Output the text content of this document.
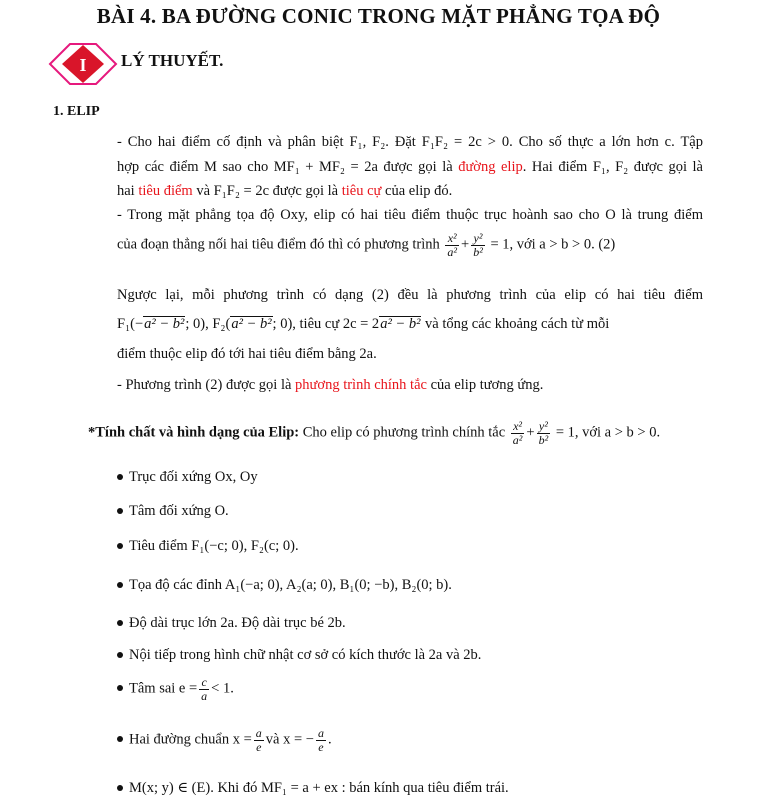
BÀI 4. BA ĐƯỜNG CONIC TRONG MẶT PHẲNG TỌA ĐỘ
I LÝ THUYẾT.
1. ELIP
- Cho hai điểm cố định và phân biệt F₁, F₂. Đặt F₁F₂ = 2c > 0. Cho số thực a lớn hơn c. Tập
hợp các điểm M sao cho MF₁ + MF₂ = 2a được gọi là đường elip. Hai điểm F₁, F₂ được gọi là
hai tiêu điểm và F₁F₂ = 2c được gọi là tiêu cự của elip đó.
- Trong mặt phẳng tọa độ Oxy, elip có hai tiêu điểm thuộc trục hoành sao cho O là trung điểm
của đoạn thẳng nối hai tiêu điểm đó thì có phương trình $\frac{\text{x²}}{\text{a²}} + \frac{\text{y²}}{\text{b²}} = 1$, với a > b > 0. (2)
Ngược lại, mỗi phương trình có dạng (2) đều là phương trình của elip có hai tiêu điểm
F₁(−a² − b²; 0), F₂(a² − b²; 0), tiêu cự 2c = 2a² − b² và tổng các khoảng cách từ mỗi
điểm thuộc elip đó tới hai tiêu điểm bằng 2a.
- Phương trình (2) được gọi là phương trình chính tắc của elip tương ứng.
*Tính chất và hình dạng của Elip: Cho elip có phương trình chính tắc $\frac{\text{x²}}{\text{a²}} + \frac{\text{y²}}{\text{b²}} = 1$, với a > b > 0.
Trục đối xứng Ox, Oy
Tâm đối xứng O.
Tiêu điểm F₁(−c; 0), F₂(c; 0).
Tọa độ các đỉnh A₁(−a; 0), A₂(a; 0), B₁(0; −b), B₂(0; b).
Độ dài trục lớn 2a. Độ dài trục bé 2b.
Nội tiếp trong hình chữ nhật cơ sở có kích thước là 2a và 2b.
Tâm sai $e = \frac{c}{a} < 1$.
Hai đường chuẩn $x = \frac{a}{e}$ và x = − $\frac{a}{e}$ .
M(x; y) ∈ (E). Khi đó MF₁ = a + ex : bán kính qua tiêu điểm trái.
